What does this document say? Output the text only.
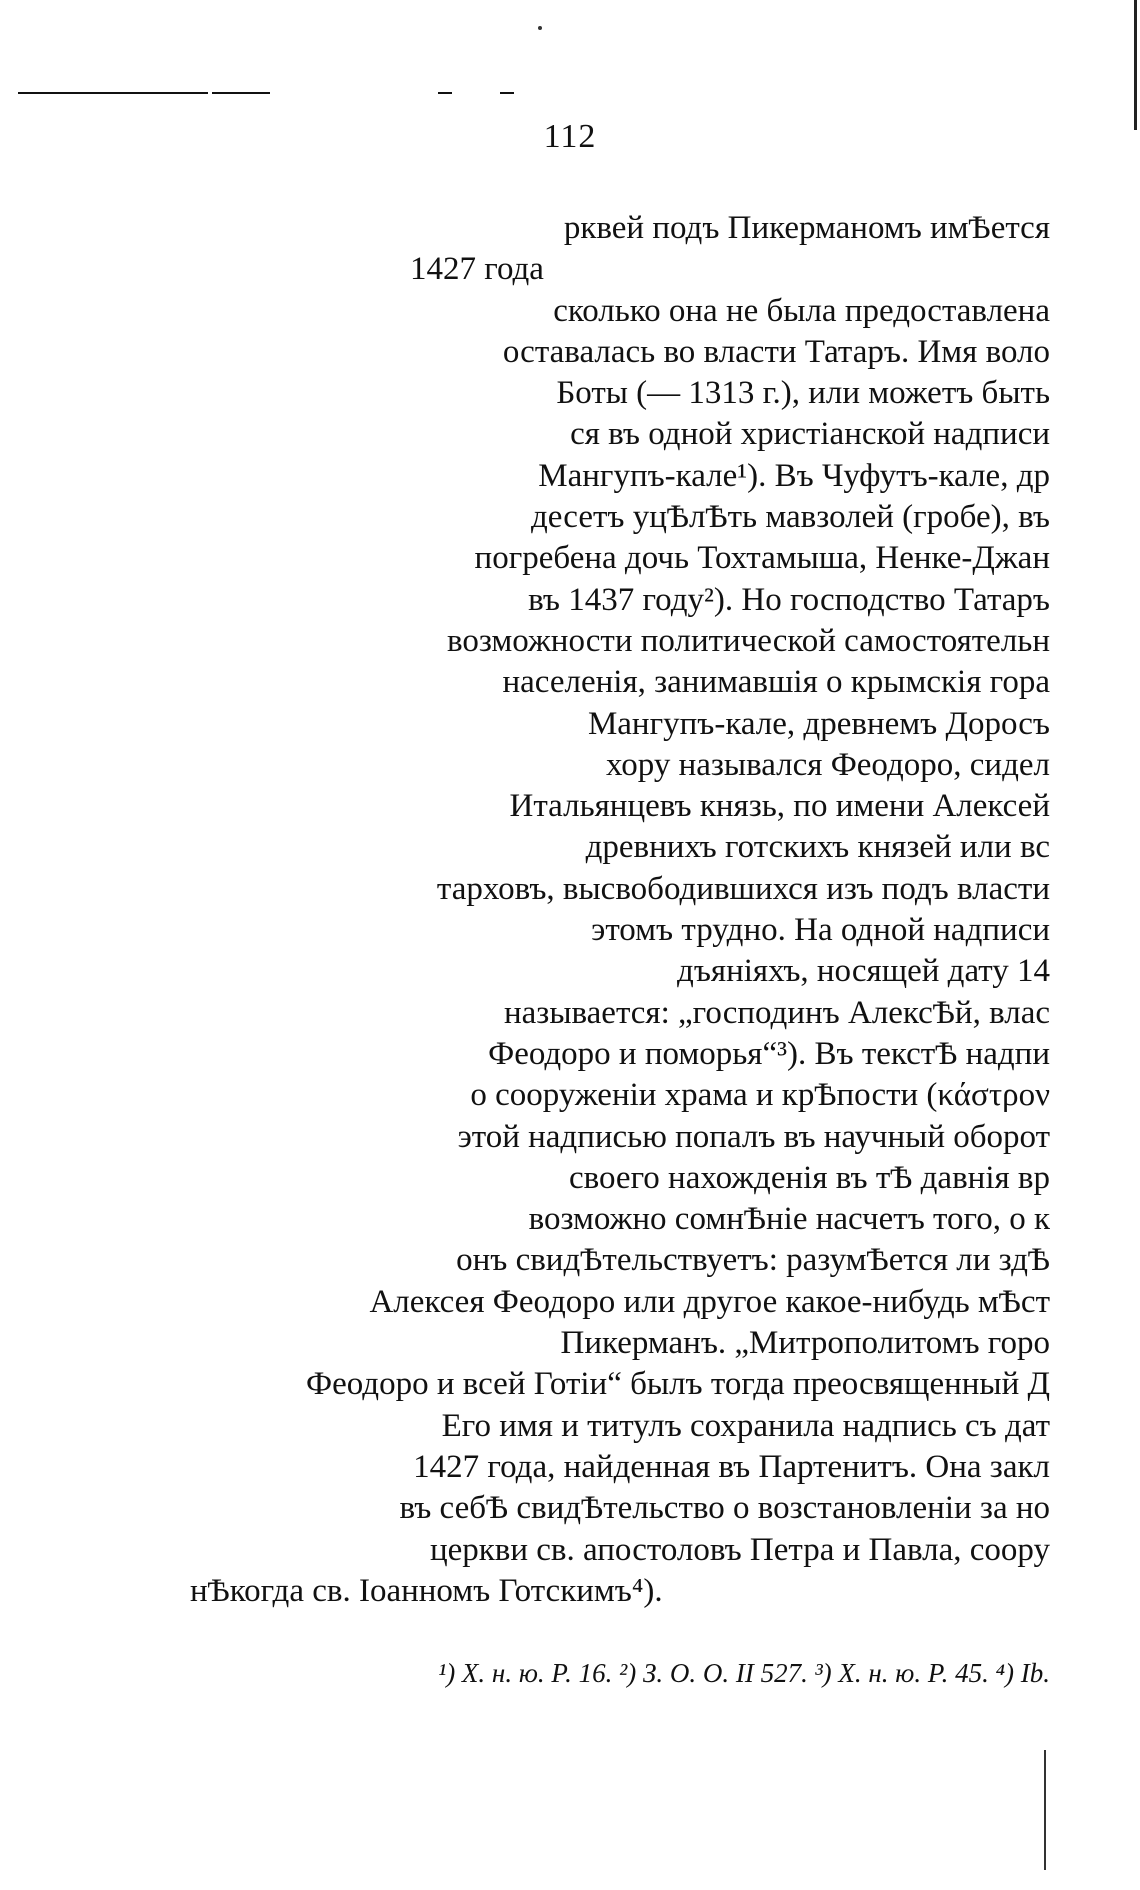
112
рквей подъ Пикерманомъ имѢется
1427 года
сколько она не была предоставлена
оставалась во власти Татаръ. Имя воло
Боты (— 1313 г.), или можетъ быть
ся въ одной христіанской надписи
Мангупъ-кале¹). Въ Чуфутъ-кале, др
десетъ уцѢлѢть мавзолей (гробе), въ
погребена дочь Тохтамыша, Ненке-Джан
въ 1437 году²). Но господство Татаръ
возможности политической самостоятельн
населенія, занимавшія о крымскія гора
Мангупъ-кале, древнемъ Доросъ
хору называлcя Феодоро, сидел
Итальянцевъ князь, по имени Алексей
древнихъ готскихъ князей или вс
тарховъ, высвободившихся изъ подъ власти
этомъ трудно. На одной надписи
дъяніяхъ, носящей дату 14
называется: „господинъ АлексѢй, влас
Феодоро и поморья“³). Въ текстѢ надпи
о сооруженіи храма и крѢпости (κάστρον
этой надписью попалъ въ научный оборот
своего нахожденія въ тѢ давнія вр
возможно сомнѢніе насчетъ того, о к
онъ свидѢтельствуетъ: разумѢется ли здѢ
Алексея Феодоро или другое какое-нибудь мѢст
Пикерманъ. „Митрополитомъ горо
Феодоро и всей Готіи“ былъ тогда преосвященный Д
Его имя и титулъ сохранила надпись съ дат
1427 года, найденная въ Партенитъ. Она закл
въ себѢ свидѢтельство о возстановленіи за но
церкви св. апостоловъ Петра и Павла, соору
нѢкогда св. Іоанномъ Готскимъ⁴).
¹) Х. н. ю. Р. 16. ²) З. О. О. II 527. ³) Х. н. ю. Р. 45. ⁴) Ib.
